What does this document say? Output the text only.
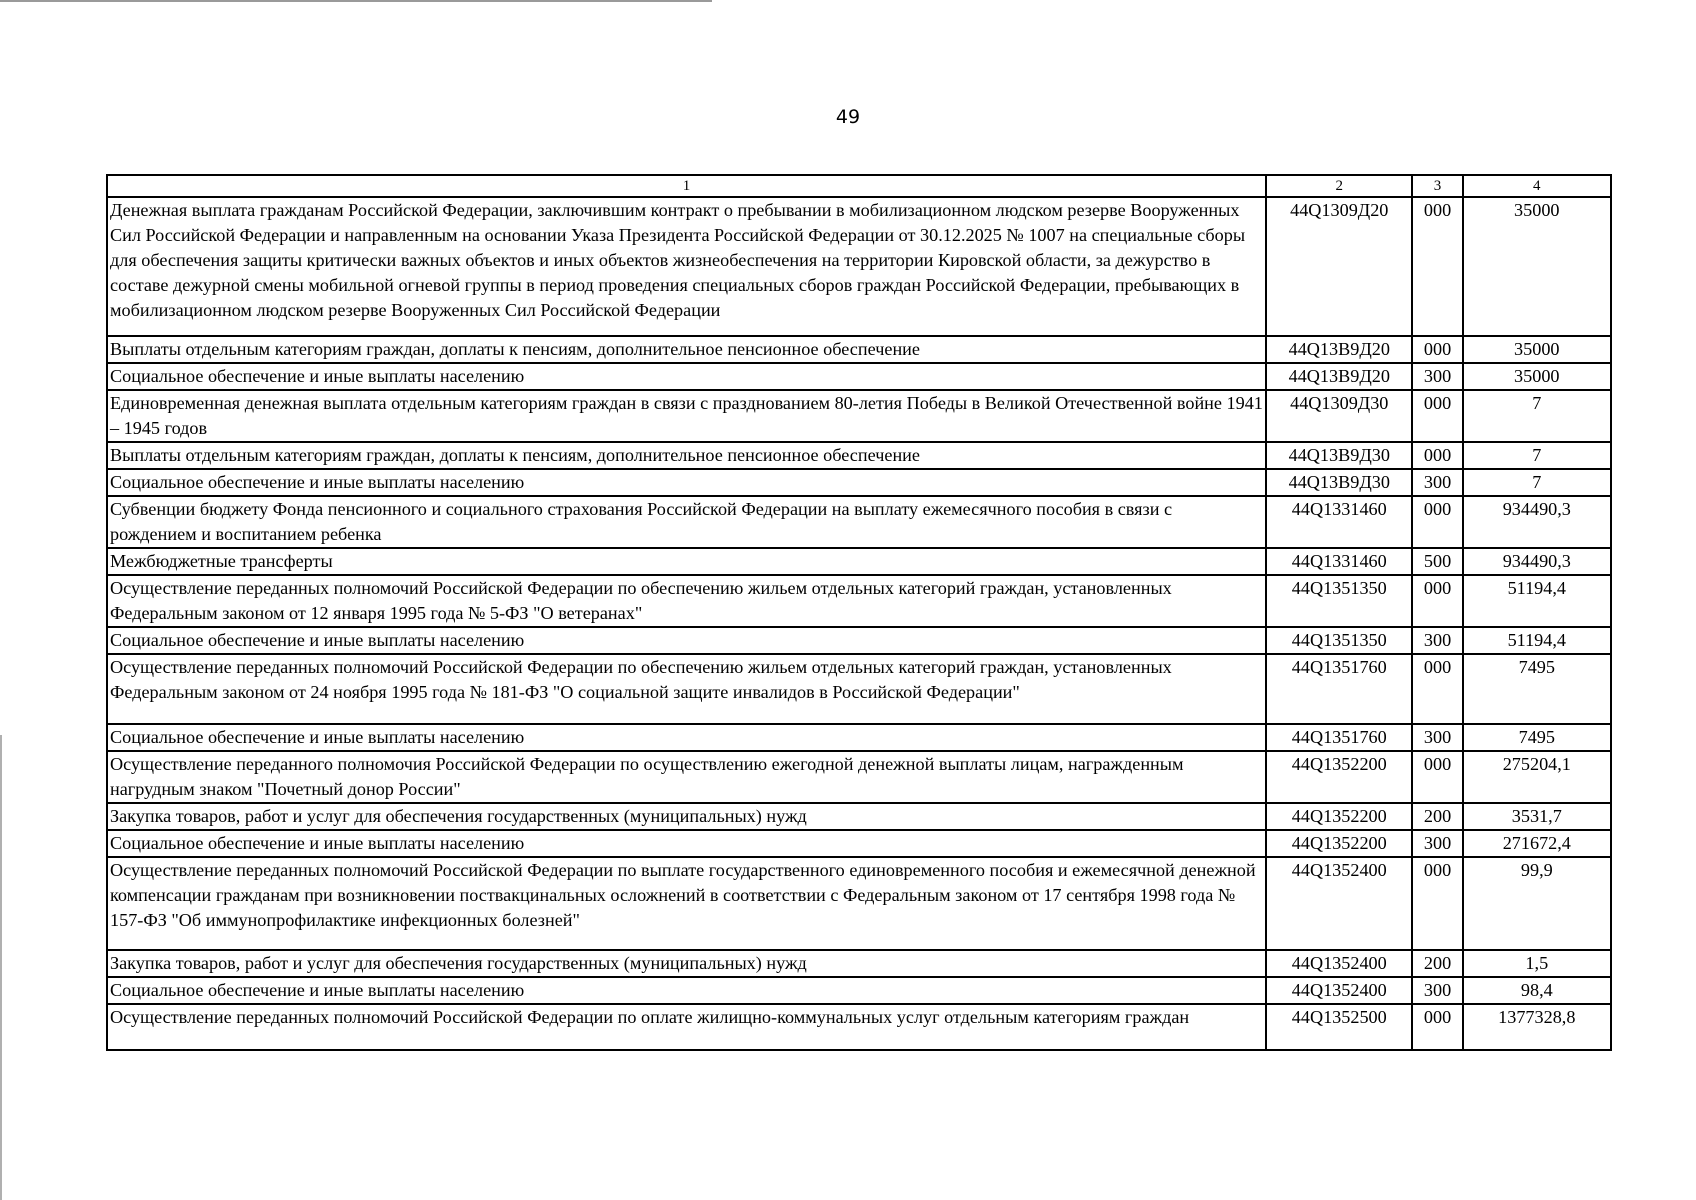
49
1	2	3	4
Денежная выплата гражданам Российской Федерации, заключившим контракт о пребывании в мобилизационном людском резерве Вооруженных Сил Российской Федерации и направленным на основании Указа Президента Российской Федерации от 30.12.2025 № 1007 на специальные сборы для обеспечения защиты критически важных объектов и иных объектов жизнеобеспечения на территории Кировской области, за дежурство в составе дежурной смены мобильной огневой группы в период проведения специальных сборов граждан Российской Федерации, пребывающих в мобилизационном людском резерве Вооруженных Сил Российской Федерации	44Q1309Д20	000	35000
Выплаты отдельным категориям граждан, доплаты к пенсиям, дополнительное пенсионное обеспечение	44Q13B9Д20	000	35000
Социальное обеспечение и иные выплаты населению	44Q13B9Д20	300	35000
Единовременная денежная выплата отдельным категориям граждан в связи с празднованием 80-летия Победы в Великой Отечественной войне 1941 – 1945 годов	44Q1309Д30	000	7
Выплаты отдельным категориям граждан, доплаты к пенсиям, дополнительное пенсионное обеспечение	44Q13B9Д30	000	7
Социальное обеспечение и иные выплаты населению	44Q13B9Д30	300	7
Субвенции бюджету Фонда пенсионного и социального страхования Российской Федерации на выплату ежемесячного пособия в связи с рождением и воспитанием ребенка	44Q1331460	000	934490,3
Межбюджетные трансферты	44Q1331460	500	934490,3
Осуществление переданных полномочий Российской Федерации по обеспечению жильем отдельных категорий граждан, установленных Федеральным законом от 12 января 1995 года № 5-ФЗ "О ветеранах"	44Q1351350	000	51194,4
Социальное обеспечение и иные выплаты населению	44Q1351350	300	51194,4
Осуществление переданных полномочий Российской Федерации по обеспечению жильем отдельных категорий граждан, установленных Федеральным законом от 24 ноября 1995 года № 181-ФЗ "О социальной защите инвалидов в Российской Федерации"	44Q1351760	000	7495
Социальное обеспечение и иные выплаты населению	44Q1351760	300	7495
Осуществление переданного полномочия Российской Федерации по осуществлению ежегодной денежной выплаты лицам, награжденным нагрудным знаком "Почетный донор России"	44Q1352200	000	275204,1
Закупка товаров, работ и услуг для обеспечения государственных (муниципальных) нужд	44Q1352200	200	3531,7
Социальное обеспечение и иные выплаты населению	44Q1352200	300	271672,4
Осуществление переданных полномочий Российской Федерации по выплате государственного единовременного пособия и ежемесячной денежной компенсации гражданам при возникновении поствакцинальных осложнений в соответствии с Федеральным законом от 17 сентября 1998 года № 157-ФЗ "Об иммунопрофилактике инфекционных болезней"	44Q1352400	000	99,9
Закупка товаров, работ и услуг для обеспечения государственных (муниципальных) нужд	44Q1352400	200	1,5
Социальное обеспечение и иные выплаты населению	44Q1352400	300	98,4
Осуществление переданных полномочий Российской Федерации по оплате жилищно-коммунальных услуг отдельным категориям граждан	44Q1352500	000	1377328,8
